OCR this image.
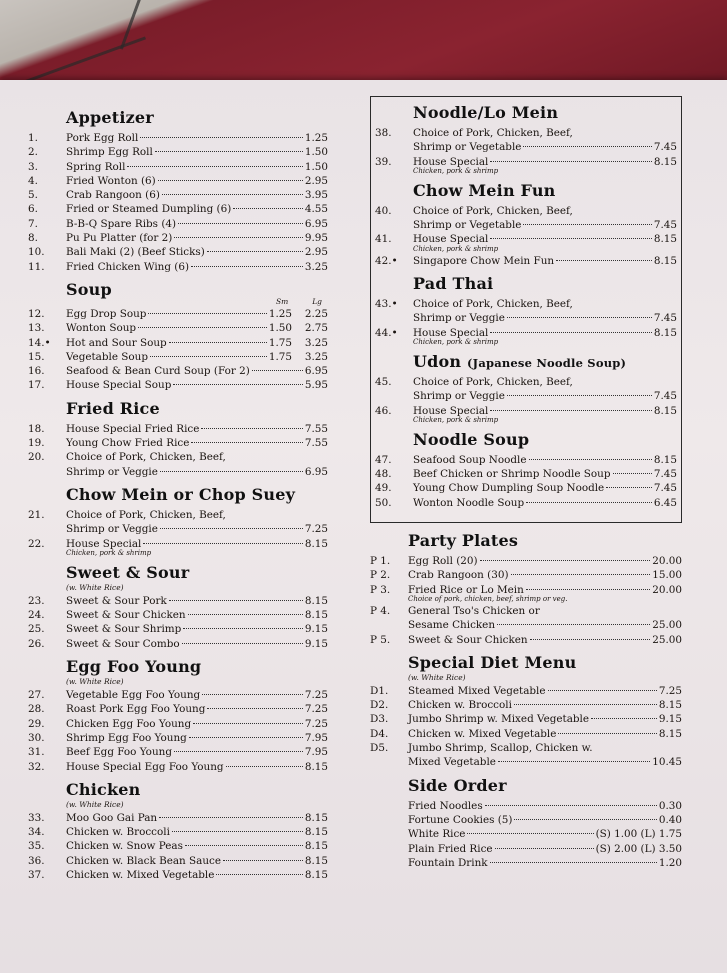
Appetizer
1.	Pork Egg Roll	1.25
2.	Shrimp Egg Roll	1.50
3.	Spring Roll	1.50
4.	Fried Wonton (6)	2.95
5.	Crab Rangoon (6)	3.95
6.	Fried or Steamed Dumpling (6)	4.55
7.	B-B-Q Spare Ribs (4)	6.95
8.	Pu Pu Platter (for 2)	9.95
10.	Bali Maki (2) (Beef Sticks)	2.95
11.	Fried Chicken Wing (6)	3.25
Soup
Sm	Lg
12.	Egg Drop Soup	1.25 2.25
13.	Wonton Soup	1.50 2.75
14.•	Hot and Sour Soup	1.75 3.25
15.	Vegetable Soup	1.75 3.25
16.	Seafood & Bean Curd Soup (For 2)	6.95
17.	House Special Soup	5.95
Fried Rice
18.	House Special Fried Rice	7.55
19.	Young Chow Fried Rice	7.55
20.	Choice of Pork, Chicken, Beef,
Shrimp or Veggie	6.95
Chow Mein or Chop Suey
21.	Choice of Pork, Chicken, Beef,
Shrimp or Veggie	7.25
22.	House Special	8.15
Chicken, pork & shrimp
Sweet & Sour
(w. White Rice)
23.	Sweet & Sour Pork	8.15
24.	Sweet & Sour Chicken	8.15
25.	Sweet & Sour Shrimp	9.15
26.	Sweet & Sour Combo	9.15
Egg Foo Young
(w. White Rice)
27.	Vegetable Egg Foo Young	7.25
28.	Roast Pork Egg Foo Young	7.25
29.	Chicken Egg Foo Young	7.25
30.	Shrimp Egg Foo Young	7.95
31.	Beef Egg Foo Young	7.95
32.	House Special Egg Foo Young	8.15
Chicken
(w. White Rice)
33.	Moo Goo Gai Pan	8.15
34.	Chicken w. Broccoli	8.15
35.	Chicken w. Snow Peas	8.15
36.	Chicken w. Black Bean Sauce	8.15
37.	Chicken w. Mixed Vegetable	8.15
Noodle/Lo Mein
38.	Choice of Pork, Chicken, Beef,
Shrimp or Vegetable	7.45
39.	House Special	8.15
Chicken, pork & shrimp
Chow Mein Fun
40.	Choice of Pork, Chicken, Beef,
Shrimp or Vegetable	7.45
41.	House Special	8.15
Chicken, pork & shrimp
42.•	Singapore Chow Mein Fun	8.15
Pad Thai
43.•	Choice of Pork, Chicken, Beef,
Shrimp or Veggie	7.45
44.•	House Special	8.15
Chicken, pork & shrimp
Udon (Japanese Noodle Soup)
45.	Choice of Pork, Chicken, Beef,
Shrimp or Veggie	7.45
46.	House Special	8.15
Chicken, pork & shrimp
Noodle Soup
47.	Seafood Soup Noodle	8.15
48.	Beef Chicken or Shrimp Noodle Soup	7.45
49.	Young Chow Dumpling Soup Noodle	7.45
50.	Wonton Noodle Soup	6.45
Party Plates
P 1.	Egg Roll (20)	20.00
P 2.	Crab Rangoon (30)	15.00
P 3.	Fried Rice or Lo Mein	20.00
Choice of pork, chicken, beef, shrimp or veg.
P 4.	General Tso's Chicken or
Sesame Chicken	25.00
P 5.	Sweet & Sour Chicken	25.00
Special Diet Menu
(w. White Rice)
D1.	Steamed Mixed Vegetable	7.25
D2.	Chicken w. Broccoli	8.15
D3.	Jumbo Shrimp w. Mixed Vegetable	9.15
D4.	Chicken w. Mixed Vegetable	8.15
D5.	Jumbo Shrimp, Scallop, Chicken w.
Mixed Vegetable	10.45
Side Order
Fried Noodles	0.30
Fortune Cookies (5)	0.40
White Rice	(S) 1.00 (L) 1.75
Plain Fried Rice	(S) 2.00 (L) 3.50
Fountain Drink	1.20
